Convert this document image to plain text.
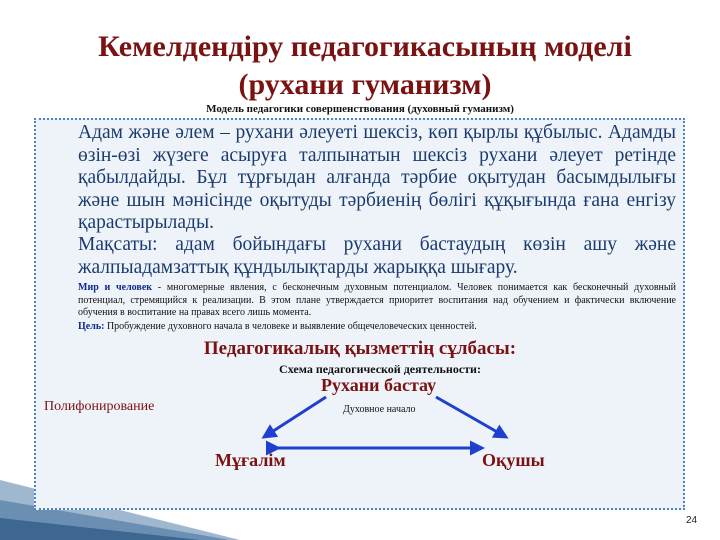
Кемелдендіру педагогикасының моделі
(рухани гуманизм)
Модель педагогики совершенствования (духовный гуманизм)
Адам және әлем – рухани әлеуеті шексіз, көп қырлы құбылыс. Адамды өзін-өзі жүзеге асыруға талпынатын шексіз рухани әлеует ретінде қабылдайды. Бұл тұрғыдан алғанда тәрбие оқытудан басымдылығы және шын мәнісінде оқытуды тәрбиенің бөлігі құқығында ғана енгізу қарастырылады.
Мақсаты: адам бойындағы рухани бастаудың көзін ашу және жалпыадамзаттық құндылықтарды жарыққа шығару.
Мир и человек - многомерные явления, с бесконечным духовным потенциалом. Человек понимается как бесконечный духовный потенциал, стремящийся к реализации. В этом плане утверждается приоритет воспитания над обучением и фактически включение обучения в воспитание на правах всего лишь момента.
Цель: Пробуждение духовного начала в человеке и выявление общечеловеческих ценностей.
Педагогикалық қызметтің сұлбасы:
Схема педагогической деятельности:
Рухани бастау
Мұғалім	Оқушы
Полифонирование	Духовное начало
24
